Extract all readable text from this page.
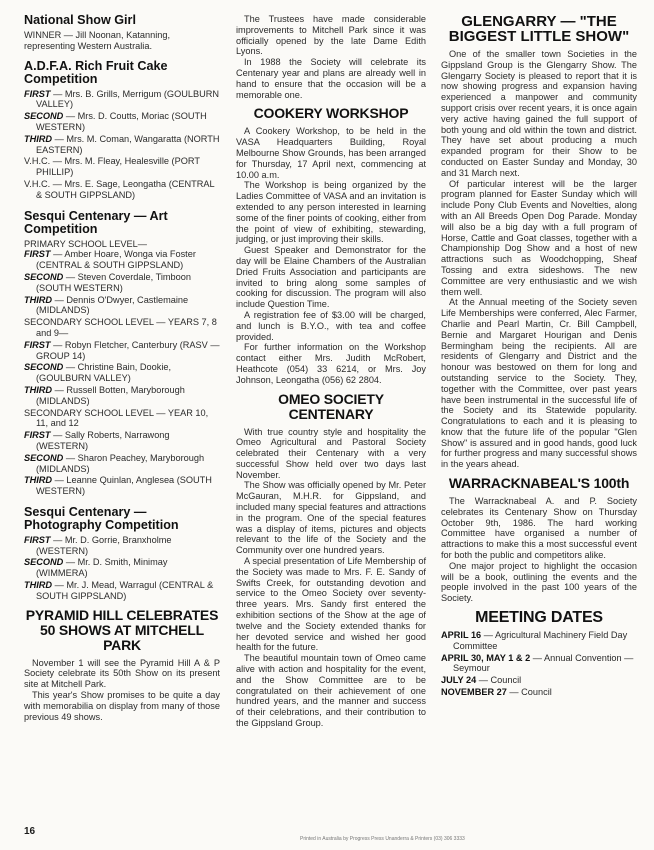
National Show Girl

WINNER — Jill Noonan, Katanning, representing Western Australia.

A.D.F.A. Rich Fruit Cake Competition

FIRST — Mrs. B. Grills, Merrigum (GOULBURN VALLEY)

SECOND — Mrs. D. Coutts, Moriac (SOUTH WESTERN)

THIRD — Mrs. M. Coman, Wangaratta (NORTH EASTERN)

V.H.C. — Mrs. M. Fleay, Healesville (PORT PHILLIP)

V.H.C. — Mrs. E. Sage, Leongatha (CENTRAL & SOUTH GIPPSLAND)

Sesqui Centenary — Art Competition

PRIMARY SCHOOL LEVEL—

FIRST — Amber Hoare, Wonga via Foster (CENTRAL & SOUTH GIPPSLAND)

SECOND — Steven Coverdale, Timboon (SOUTH WESTERN)

THIRD — Dennis O'Dwyer, Castlemaine (MIDLANDS)

SECONDARY SCHOOL LEVEL — YEARS 7, 8 and 9—

FIRST — Robyn Fletcher, Canterbury (RASV — GROUP 14)

SECOND — Christine Bain, Dookie, (GOULBURN VALLEY)

THIRD — Russell Botten, Maryborough (MIDLANDS)

SECONDARY SCHOOL LEVEL — YEAR 10, 11, and 12

FIRST — Sally Roberts, Narrawong (WESTERN)

SECOND — Sharon Peachey, Maryborough (MIDLANDS)

THIRD — Leanne Quinlan, Anglesea (SOUTH WESTERN)

Sesqui Centenary — Photography Competition

FIRST — Mr. D. Gorrie, Branxholme (WESTERN)

SECOND — Mr. D. Smith, Minimay (WIMMERA)

THIRD — Mr. J. Mead, Warragul (CENTRAL & SOUTH GIPPSLAND)

PYRAMID HILL CELEBRATES 50 SHOWS AT MITCHELL PARK

November 1 will see the Pyramid Hill A & P Society celebrate its 50th Show on its present site at Mitchell Park.

This year's Show promises to be quite a day with memorabilia on display from many of those previous 49 shows.

The Trustees have made considerable improvements to Mitchell Park since it was officially opened by the late Dame Edith Lyons.

In 1988 the Society will celebrate its Centenary year and plans are already well in hand to ensure that the occasion will be a memorable one.

COOKERY WORKSHOP

A Cookery Workshop, to be held in the VASA Headquarters Building, Royal Melbourne Show Grounds, has been arranged for Thursday, 17 April next, commencing at 10.00 a.m.

The Workshop is being organized by the Ladies Committee of VASA and an invitation is extended to any person interested in learning some of the finer points of cooking, either from the point of view of exhibiting, stewarding, judging, or just improving their skills.

Guest Speaker and Demonstrator for the day will be Elaine Chambers of the Australian Dried Fruits Association and participants are invited to bring along some samples of cooking for discussion. The program will also include Question Time.

A registration fee of $3.00 will be charged, and lunch is B.Y.O., with tea and coffee provided.

For further information on the Workshop contact either Mrs. Judith McRobert, Heathcote (054) 33 6214, or Mrs. Joy Johnson, Leongatha (056) 62 2804.

OMEO SOCIETY CENTENARY

With true country style and hospitality the Omeo Agricultural and Pastoral Society celebrated their Centenary with a very successful Show held over two days last November.

The Show was officially opened by Mr. Peter McGauran, M.H.R. for Gippsland, and included many special features and attractions in the program. One of the special features was a display of items, pictures and objects relevant to the life of the Society and the Community over one hundred years.

A special presentation of Life Membership of the Society was made to Mrs. F. E. Sandy of Swifts Creek, for outstanding devotion and service to the Omeo Society over seventy-three years. Mrs. Sandy first entered the exhibition sections of the Show at the age of twelve and the Society extended thanks for her devoted service and wished her good health for the future.

The beautiful mountain town of Omeo came alive with action and hospitality for the event, and the Show Committee are to be congratulated on their achievement of one hundred years, and the manner and success of their celebrations, and their contribution to the Gippsland Group.

GLENGARRY — "THE BIGGEST LITTLE SHOW"

One of the smaller town Societies in the Gippsland Group is the Glengarry Show. The Glengarry Society is pleased to report that it is now showing progress and expansion having experienced a manpower and community support crisis over recent years, it is once again very active having gained the full support of both young and old within the town and district. They have set about producing a much expanded program for their Show to be conducted on Easter Sunday and Monday, 30 and 31 March next.

Of particular interest will be the larger program planned for Easter Sunday which will include Pony Club Events and Novelties, along with an All Breeds Open Dog Parade. Monday will also be a big day with a full program of Horse, Cattle and Goat classes, together with a Championship Dog Show and a host of new attractions such as Woodchopping, Sheaf Tossing and extra sideshows. The new Committee are very enthusiastic and we wish them well.

At the Annual meeting of the Society seven Life Memberships were conferred, Alec Farmer, Charlie and Pearl Martin, Cr. Bill Campbell, Bernie and Margaret Hourigan and Denis Bermingham being the recipients. All are residents of Glengarry and District and the honour was bestowed on them for long and outstanding service to the Society. They, together with the Committee, over past years have been instrumental in the successful life of the Society and its Statewide popularity. Congratulations to each and it is pleasing to know that the future life of the popular "Glen Show" is assured and in good hands, good luck for further progress and many successful shows in the years ahead.

WARRACKNABEAL'S 100th

The Warracknabeal A. and P. Society celebrates its Centenary Show on Thursday October 9th, 1986. The hard working Committee have organised a number of attractions to make this a most successful event for both the public and competitors alike.

One major project to highlight the occasion will be a book, outlining the events and the people involved in the past 100 years of the Society.

MEETING DATES

APRIL 16 — Agricultural Machinery Field Day Committee

APRIL 30, MAY 1 & 2 — Annual Convention — Seymour

JULY 24 — Council

NOVEMBER 27 — Council

16
Printed in Australia by Progress Press Unanderra & Printers (03) 306 3333
